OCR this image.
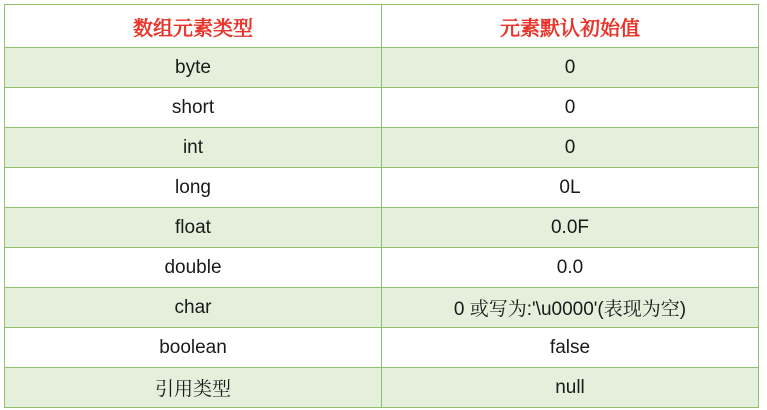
数组元素类型	元素默认初始值
byte	0
short	0
int	0
long	0L
float	0.0F
double	0.0
char	0 或写为:'\u0000'(表现为空)
boolean	false
引用类型	null
